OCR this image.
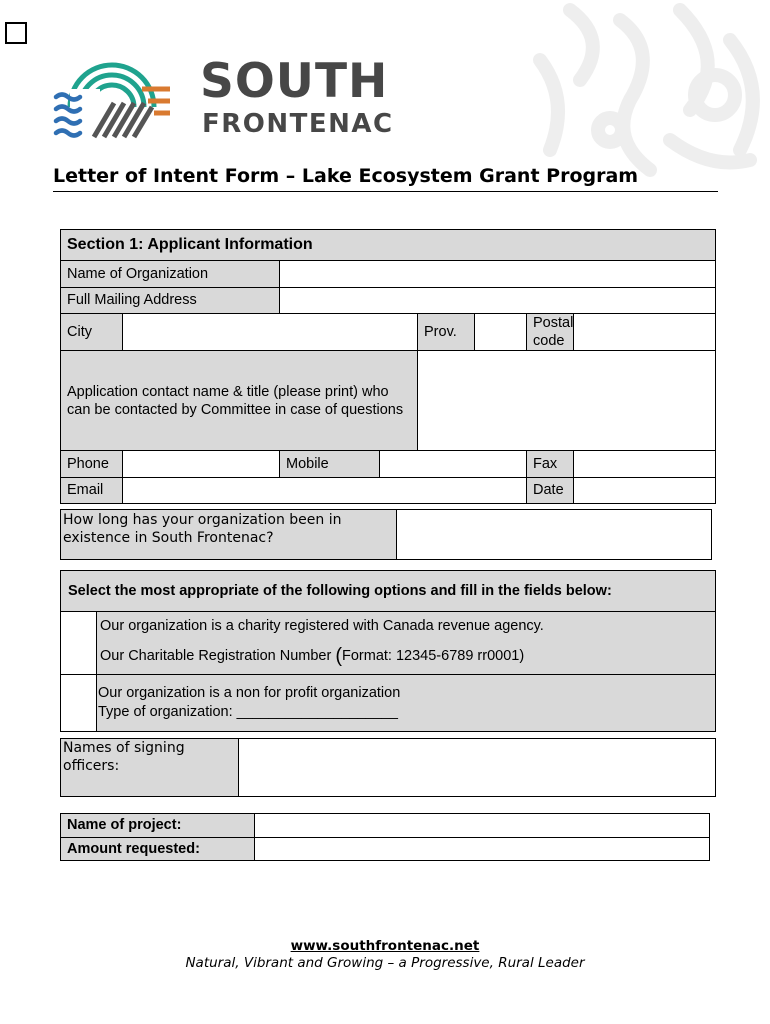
SOUTH
FRONTENAC
Letter of Intent Form – Lake Ecosystem Grant Program
Section 1: Applicant Information							
Name of Organization							
Full Mailing Address							
City				Prov.		Postal code	
Application contact name & title (please print) who can be contacted by Committee in case of questions							
Phone		Mobile				Fax	
Email						Date	
How long has your organization been in existence in South Frontenac?	
Select the most appropriate of the following options and fill in the fields below:	

	Our organization is a charity registered with Canada revenue agency.
Our Charitable Registration Number (Format: 12345-6789 rr0001)

	Our organization is a non for profit organization
Type of organization: ____________________
Names of signing officers:	
Name of project:	
Amount requested:	
www.southfrontenac.net
Natural, Vibrant and Growing – a Progressive, Rural Leader
